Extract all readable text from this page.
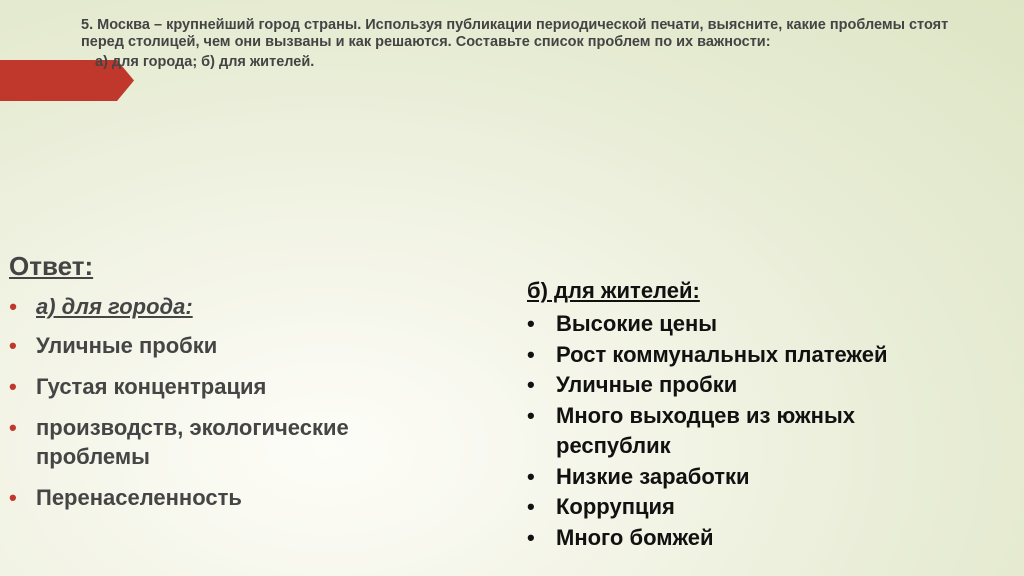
5. Москва – крупнейший город страны. Используя публикации периодической печати, выясните, какие проблемы стоят перед столицей, чем они вызваны и как решаются. Составьте список проблем по их важности:

а) для города; б) для жителей.

Ответ:
• а) для города:
• Уличные пробки
• Густая концентрация
• производств, экологические проблемы
• Перенаселенность
б) для жителей:
• Высокие цены
• Рост коммунальных платежей
• Уличные пробки
• Много выходцев из южных республик
• Низкие заработки
• Коррупция
• Много бомжей
